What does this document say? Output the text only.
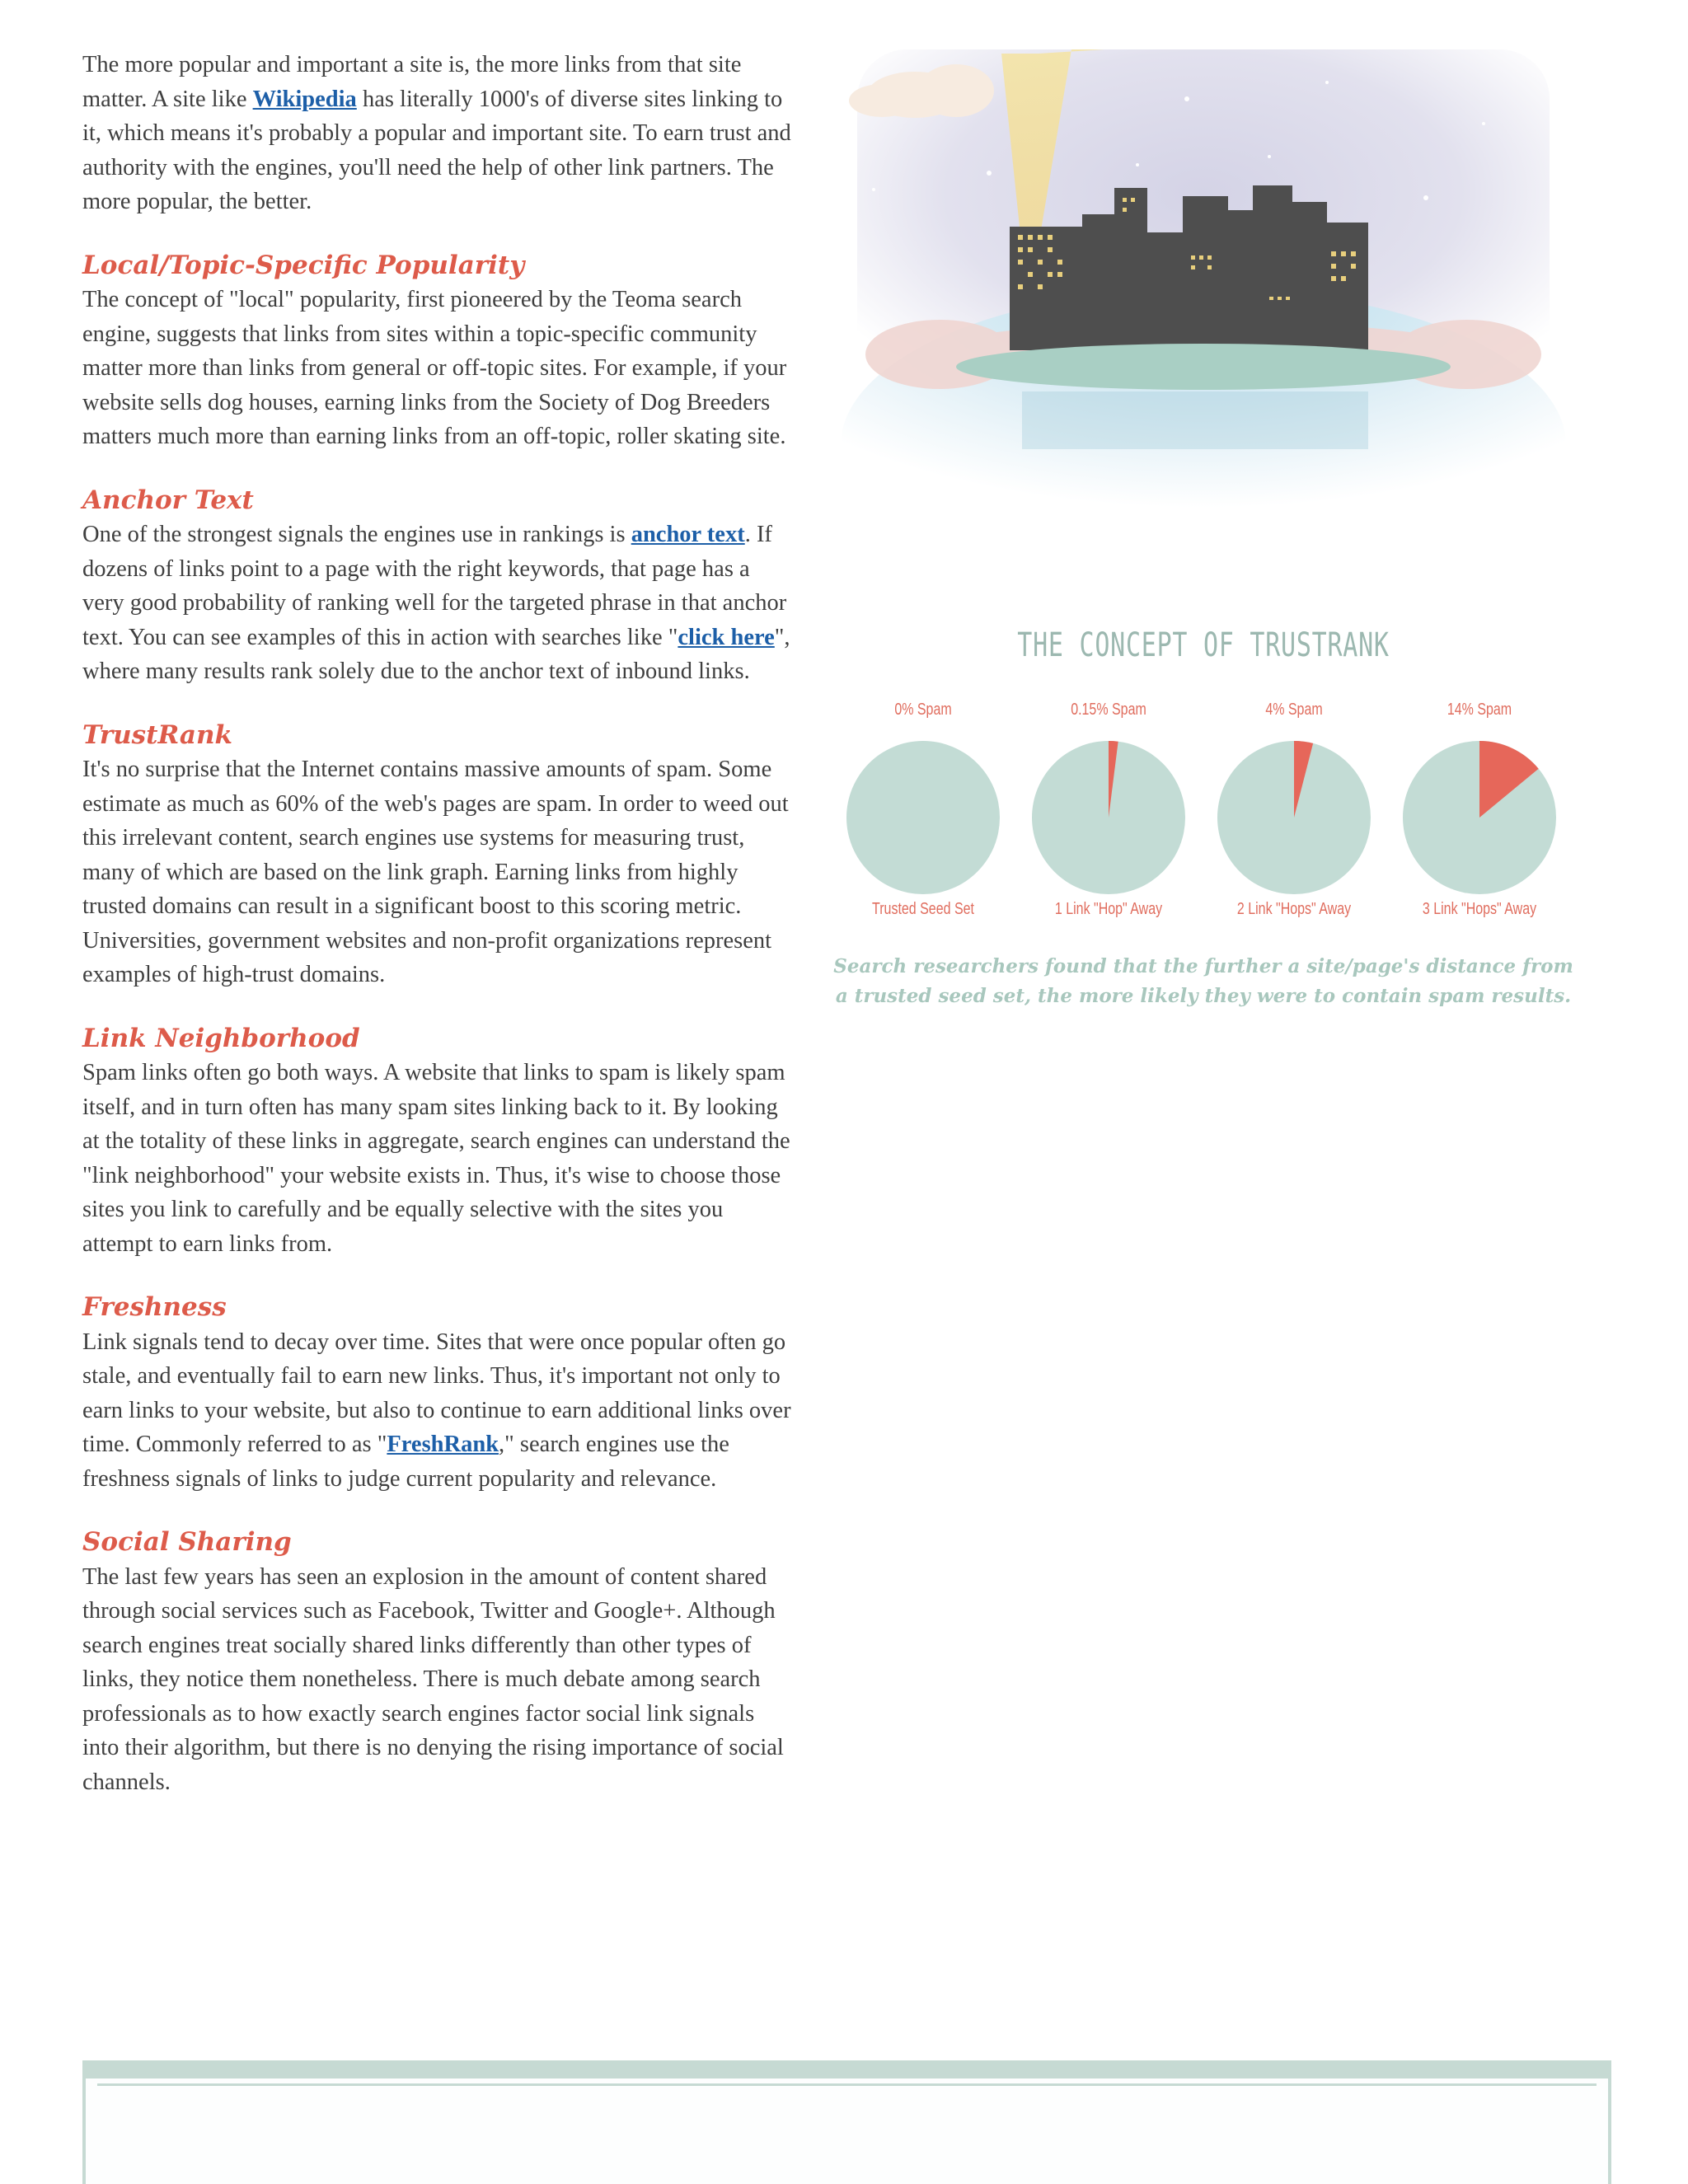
The more popular and important a site is, the more links from that site matter. A site like Wikipedia has literally 1000's of diverse sites linking to it, which means it's probably a popular and important site. To earn trust and authority with the engines, you'll need the help of other link partners. The more popular, the better.

Local/Topic-Specific Popularity

The concept of "local" popularity, first pioneered by the Teoma search engine, suggests that links from sites within a topic-specific community matter more than links from general or off-topic sites. For example, if your website sells dog houses, earning links from the Society of Dog Breeders matters much more than earning links from an off-topic, roller skating site.

Anchor Text

One of the strongest signals the engines use in rankings is anchor text. If dozens of links point to a page with the right keywords, that page has a very good probability of ranking well for the targeted phrase in that anchor text. You can see examples of this in action with searches like "click here", where many results rank solely due to the anchor text of inbound links.

TrustRank

It's no surprise that the Internet contains massive amounts of spam. Some estimate as much as 60% of the web's pages are spam. In order to weed out this irrelevant content, search engines use systems for measuring trust, many of which are based on the link graph. Earning links from highly trusted domains can result in a significant boost to this scoring metric. Universities, government websites and non-profit organizations represent examples of high-trust domains.

Link Neighborhood

Spam links often go both ways. A website that links to spam is likely spam itself, and in turn often has many spam sites linking back to it. By looking at the totality of these links in aggregate, search engines can understand the "link neighborhood" your website exists in. Thus, it's wise to choose those sites you link to carefully and be equally selective with the sites you attempt to earn links from.

Freshness

Link signals tend to decay over time. Sites that were once popular often go stale, and eventually fail to earn new links. Thus, it's important not only to earn links to your website, but also to continue to earn additional links over time. Commonly referred to as "FreshRank," search engines use the freshness signals of links to judge current popularity and relevance.

Social Sharing

The last few years has seen an explosion in the amount of content shared through social services such as Facebook, Twitter and Google+. Although search engines treat socially shared links differently than other types of links, they notice them nonetheless. There is much debate among search professionals as to how exactly search engines factor social link signals into their algorithm, but there is no denying the rising importance of social channels.

THE CONCEPT OF TRUSTRANK
0% Spam	0.15% Spam	4% Spam	14% Spam
Trusted Seed Set	1 Link "Hop" Away	2 Link "Hops" Away	3 Link "Hops" Away
Search researchers found that the further a site/page's distance from a trusted seed set, the more likely they were to contain spam results.
